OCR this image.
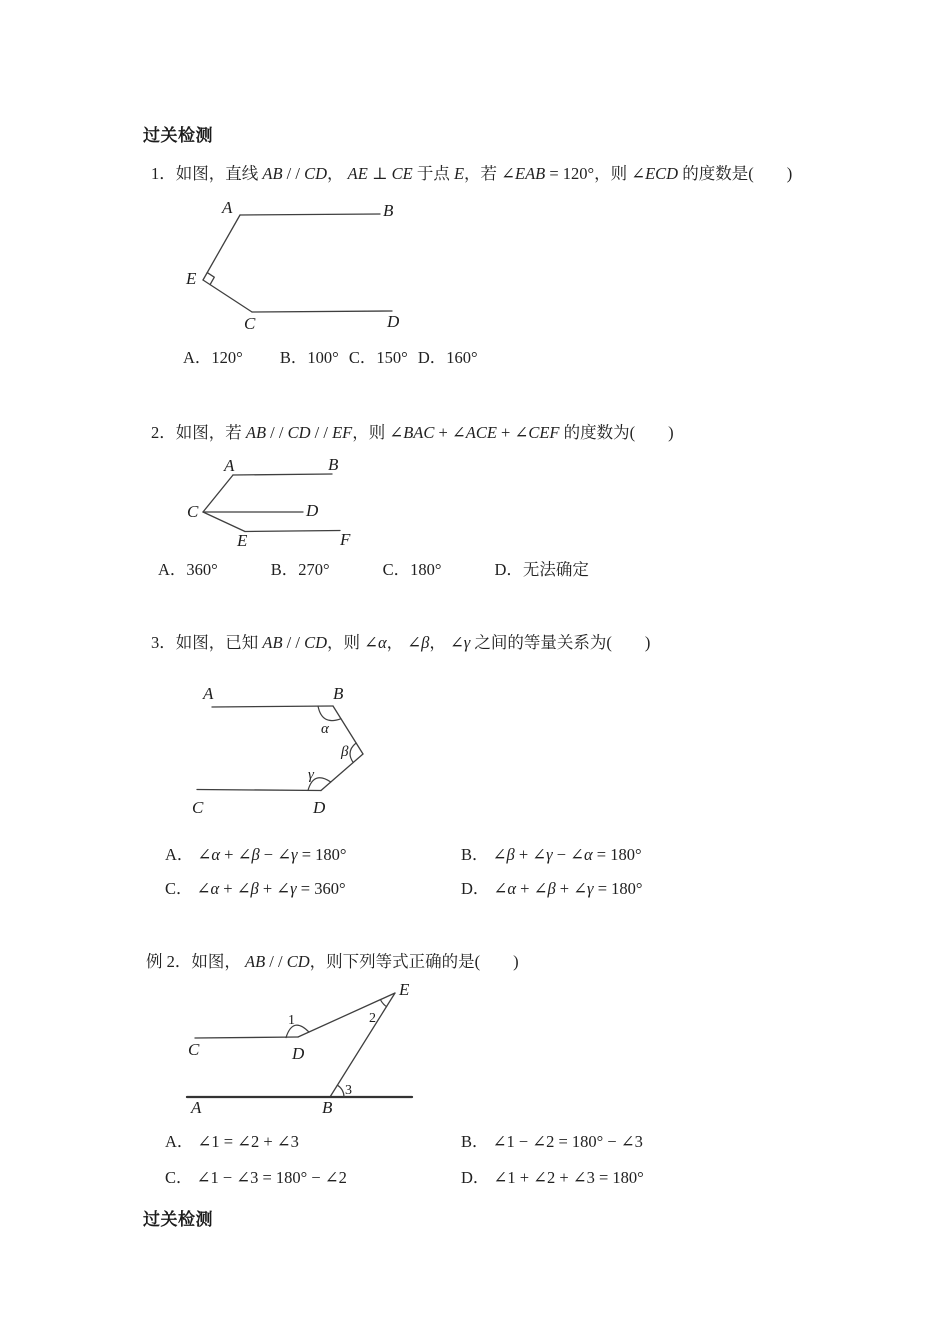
过关检测
1．如图，直线 AB / / CD， AE ⊥ CE 于点 E，若 ∠EAB = 120°，则 ∠ECD 的度数是(　　)
A	B
E
C	D
A．120° B．100° C．150° D．160°
2．如图，若 AB / / CD / / EF，则 ∠BAC + ∠ACE + ∠CEF 的度数为(　　)
A	B
C	D
E	F
A．360°	B．270°	C．180°	D．无法确定
3．如图，已知 AB / / CD，则 ∠α， ∠β， ∠γ 之间的等量关系为(　　)
A	B
C	D
α
β
γ
A． ∠α + ∠β − ∠γ = 180°	B． ∠β + ∠γ − ∠α = 180°
C． ∠α + ∠β + ∠γ = 360°	D． ∠α + ∠β + ∠γ = 180°
例 2．如图， AB / / CD，则下列等式正确的是(　　)
E
C	D
A	B
1	2
3
A． ∠1 = ∠2 + ∠3	B． ∠1 − ∠2 = 180° − ∠3
C． ∠1 − ∠3 = 180° − ∠2	D． ∠1 + ∠2 + ∠3 = 180°
过关检测
